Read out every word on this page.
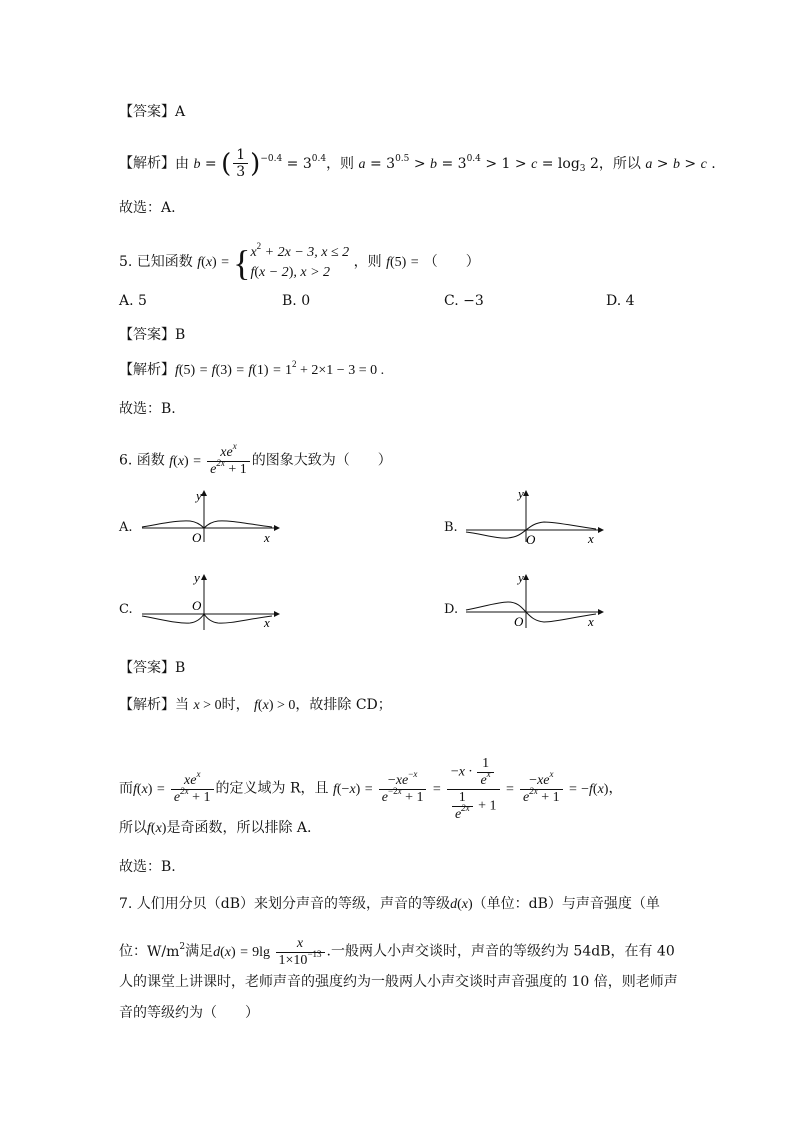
【答案】A
【解析】由 b = ( $\frac{1}{3} )^{-0.4} = 3^{0.4}$，则 $a = 3^{0.5} > b = 3^{0.4} > 1 > c = \log_3 2$，所以 a > b > c .
故选：A.
5. 已知函数 $f(x) = \{x^2 + 2x - 3$, x ≤ 2
f(x − 2), x > 2 ，则 f(5) = （　　）
A. 5	B. 0	C. −3	D. 4
【答案】B
【解析】$f(5) = f(3) = f(1) = 1^2 + 2\times 1 - 3 = 0$ .
故选：B.
6. 函数 $f(x) = \frac{xe^x}{e^{2x} + 1}$ 的图象大致为（　　）
A.
y
O	x
B.
y
O	x
C.
y
O
x
D.
y
O	x
【答案】B
【解析】当 x > 0时， f(x) > 0，故排除 CD；
而$f(x) = \frac{xe^x}{e^{2x} + 1}$ 的定义域为 R，且 $f(-x) = \frac{-xe^{-x}}{e^{-2x} + 1} = \frac{-x \cdot \frac{1}{e^x}}{\frac{1}{e^{2x}} + 1} = \frac{-xe^x}{e^{2x} + 1} = -f(x)$，
所以f(x)是奇函数，所以排除 A.
故选：B.
7. 人们用分贝（dB）来划分声音的等级，声音的等级d(x)（单位：dB）与声音强度（单
位：$W/m^2$满足$d(x) = 9\lg \frac{x}{1\times 10^{-13}}$ .一般两人小声交谈时，声音的等级约为 54dB，在有 40
人的课堂上讲课时，老师声音的强度约为一般两人小声交谈时声音强度的 10 倍，则老师声
音的等级约为（　　）
